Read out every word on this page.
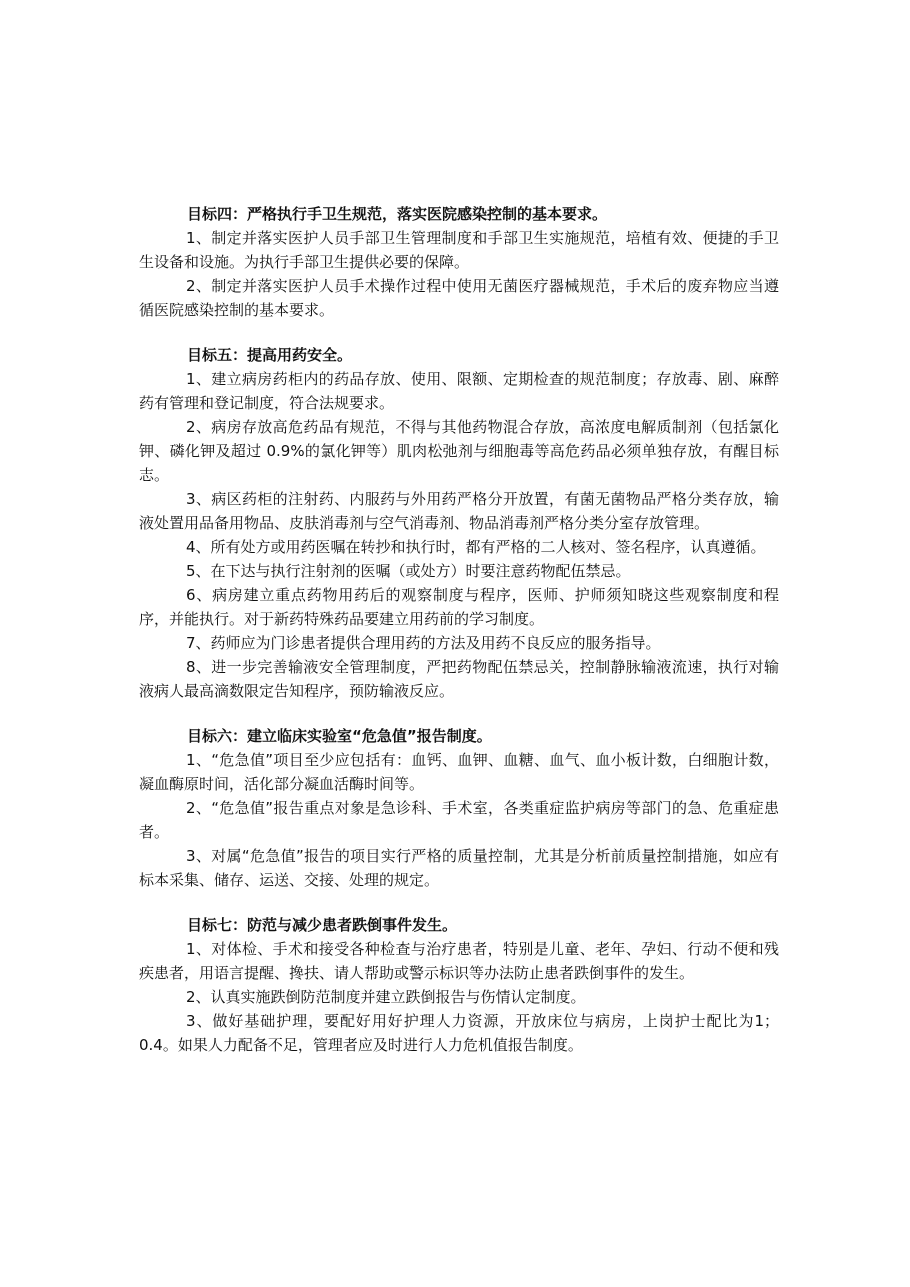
目标四：严格执行手卫生规范，落实医院感染控制的基本要求。

1、制定并落实医护人员手部卫生管理制度和手部卫生实施规范，培植有效、便捷的手卫生设备和设施。为执行手部卫生提供必要的保障。

2、制定并落实医护人员手术操作过程中使用无菌医疗器械规范，手术后的废弃物应当遵循医院感染控制的基本要求。

目标五：提高用药安全。

1、建立病房药柜内的药品存放、使用、限额、定期检查的规范制度；存放毒、剧、麻醉药有管理和登记制度，符合法规要求。

2、病房存放高危药品有规范，不得与其他药物混合存放，高浓度电解质制剂（包括氯化钾、磷化钾及超过 0.9%的氯化钾等）肌肉松弛剂与细胞毒等高危药品必须单独存放，有醒目标志。

3、病区药柜的注射药、内服药与外用药严格分开放置，有菌无菌物品严格分类存放，输液处置用品备用物品、皮肤消毒剂与空气消毒剂、物品消毒剂严格分类分室存放管理。

4、所有处方或用药医嘱在转抄和执行时，都有严格的二人核对、签名程序，认真遵循。

5、在下达与执行注射剂的医嘱（或处方）时要注意药物配伍禁忌。

6、病房建立重点药物用药后的观察制度与程序，医师、护师须知晓这些观察制度和程序，并能执行。对于新药特殊药品要建立用药前的学习制度。

7、药师应为门诊患者提供合理用药的方法及用药不良反应的服务指导。

8、进一步完善输液安全管理制度，严把药物配伍禁忌关，控制静脉输液流速，执行对输液病人最高滴数限定告知程序，预防输液反应。

目标六：建立临床实验室“危急值”报告制度。

1、“危急值”项目至少应包括有：血钙、血钾、血糖、血气、血小板计数，白细胞计数，凝血酶原时间，活化部分凝血活酶时间等。

2、“危急值”报告重点对象是急诊科、手术室，各类重症监护病房等部门的急、危重症患者。

3、对属“危急值”报告的项目实行严格的质量控制，尤其是分析前质量控制措施，如应有标本采集、储存、运送、交接、处理的规定。

目标七：防范与减少患者跌倒事件发生。

1、对体检、手术和接受各种检查与治疗患者，特别是儿童、老年、孕妇、行动不便和残疾患者，用语言提醒、搀扶、请人帮助或警示标识等办法防止患者跌倒事件的发生。

2、认真实施跌倒防范制度并建立跌倒报告与伤情认定制度。

3、做好基础护理，要配好用好护理人力资源，开放床位与病房，上岗护士配比为1；0.4。如果人力配备不足，管理者应及时进行人力危机值报告制度。
